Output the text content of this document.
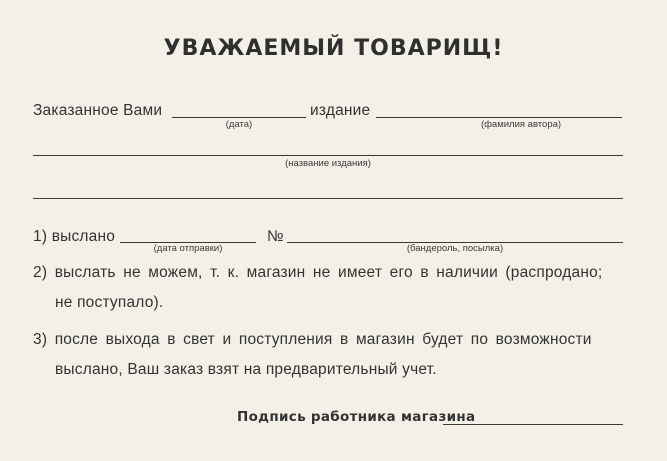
УВАЖАЕМЫЙ ТОВАРИЩ!
Заказанное Вами
(дата)
издание
(фамилия автора)
(название издания)
1) выслано
(дата отправки)
№
(бандероль, посылка)
2) выслать не можем, т. к. магазин не имеет его в наличии (распродано;
не поступало).
3) после выхода в свет и поступления в магазин будет по возможности
выслано, Ваш заказ взят на предварительный учет.
Подпись работника магазина
